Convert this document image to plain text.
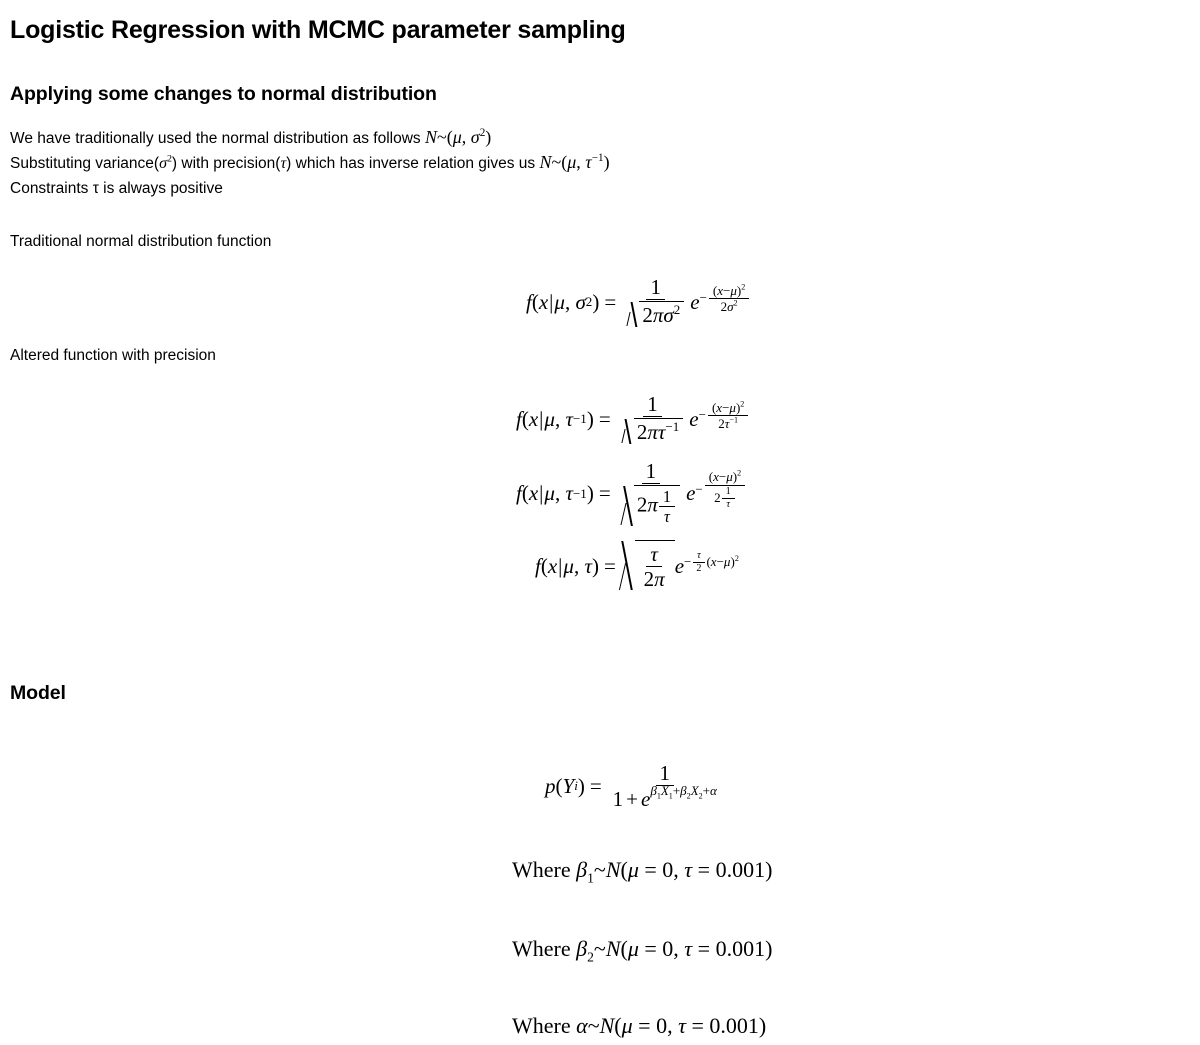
Logistic Regression with MCMC parameter sampling
Applying some changes to normal distribution
We have traditionally used the normal distribution as follows N~(μ, $\sigma^2$)
Substituting $variance(\sigma^2)$ with precision(τ) which has inverse relation gives us N~(μ, $\tau^{-1}$)
Constraints τ is always positive
Traditional normal distribution function
f ( x | μ ,
σ 2 ) = $\frac{1}{2\pi\sigma^2}$ $e - \frac{(x-\mu)^2}{2\sigma^2}$
Altered function with precision
f ( x | μ ,
τ −1 ) = $\frac{1}{2\pi\tau^{-1}}$ $e - \frac{(x-\mu)^2}{2\tau^{-1}}$
f ( x | μ ,
τ −1 ) = $\frac{1}{2\pi \frac{1}{\tau}}$ $e - \frac{(x-\mu)^2}{2 \frac{1}{\tau}}$
f ( x | μ ,
τ ) = $\frac{\tau}{2\pi}$ $e - \frac{\tau}{2} (x-\mu)^2$
Model
p ( Y i ) = $\frac{1}{1 + e\beta_1X_1+\beta_2X_2+\alpha}$
Where $\beta_1\sim N(\mu = 0$, τ = 0.001)
Where $\beta_2\sim N(\mu = 0$, τ = 0.001)
Where α~N(μ = 0, τ = 0.001)
